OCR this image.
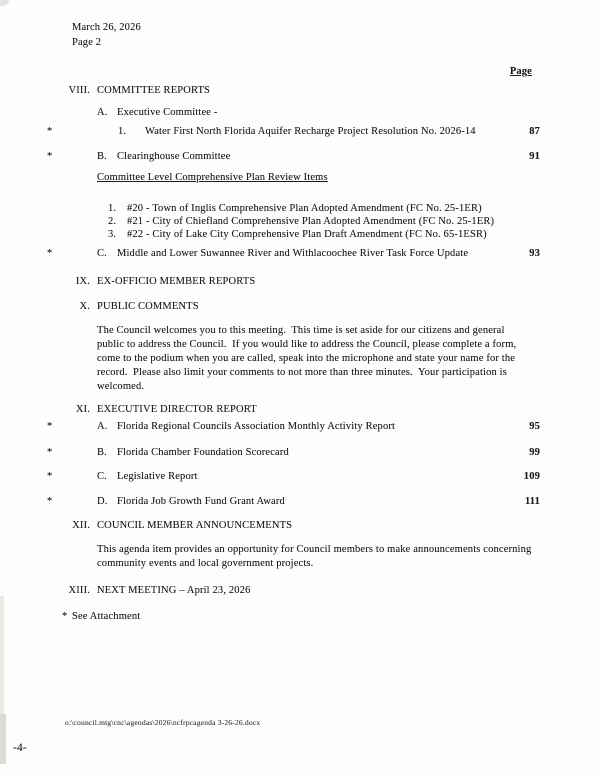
March 26, 2026
Page 2
Page
VIII. COMMITTEE REPORTS
A. Executive Committee -
*	1. Water First North Florida Aquifer Recharge Project Resolution No. 2026-14	87
*	B. Clearinghouse Committee	91
Committee Level Comprehensive Plan Review Items
1. #20 - Town of Inglis Comprehensive Plan Adopted Amendment (FC No. 25-1ER)
2. #21 - City of Chiefland Comprehensive Plan Adopted Amendment (FC No. 25-1ER)
3. #22 - City of Lake City Comprehensive Plan Draft Amendment (FC No. 65-1ESR)
*	C. Middle and Lower Suwannee River and Withlacoochee River Task Force Update	93
IX. EX-OFFICIO MEMBER REPORTS
X. PUBLIC COMMENTS
The Council welcomes you to this meeting.  This time is set aside for our citizens and general
public to address the Council.  If you would like to address the Council, please complete a form,
come to the podium when you are called, speak into the microphone and state your name for the
record.  Please also limit your comments to not more than three minutes.  Your participation is
welcomed.
XI. EXECUTIVE DIRECTOR REPORT
*	A. Florida Regional Councils Association Monthly Activity Report	95
*	B. Florida Chamber Foundation Scorecard	99
*	C. Legislative Report	109
*	D. Florida Job Growth Fund Grant Award	111
XII. COUNCIL MEMBER ANNOUNCEMENTS
This agenda item provides an opportunity for Council members to make announcements concerning
community events and local government projects.
XIII. NEXT MEETING – April 23, 2026
* See Attachment
o:\council.mtg\cnc\agendas\2026\ncfrpcagenda 3-26-26.docx
-4-
